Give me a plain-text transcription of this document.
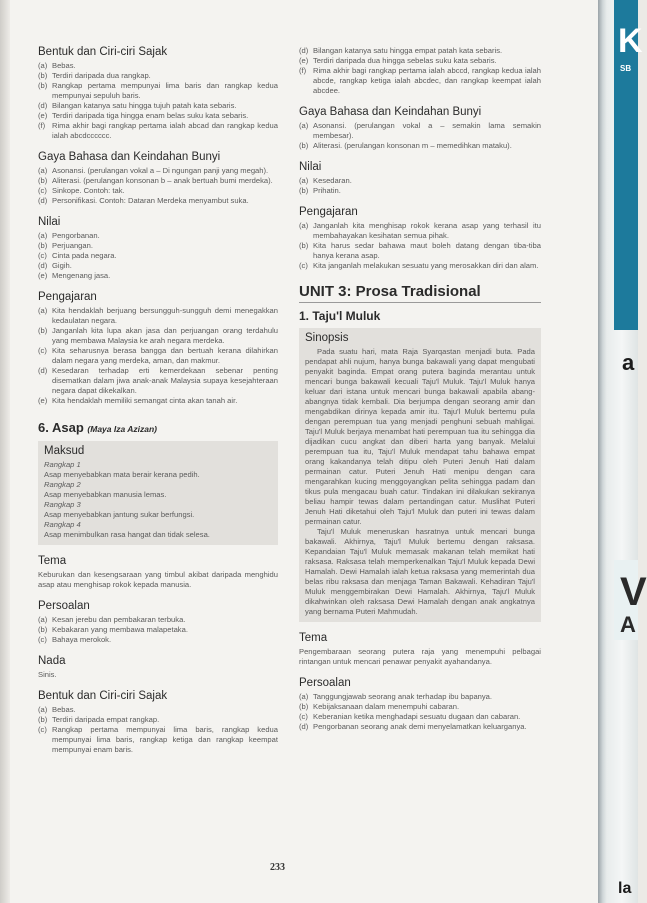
Bentuk dan Ciri-ciri Sajak
(a) Bebas.
(b) Terdiri daripada dua rangkap.
(b) Rangkap pertama mempunyai lima baris dan rangkap kedua mempunyai sepuluh baris.
(d) Bilangan katanya satu hingga tujuh patah kata sebaris.
(e) Terdiri daripada tiga hingga enam belas suku kata sebaris.
(f) Rima akhir bagi rangkap pertama ialah abcad dan rangkap kedua ialah abcdcccccc.
Gaya Bahasa dan Keindahan Bunyi
(a) Asonansi. (perulangan vokal a – Di ngungan panji yang megah).
(b) Aliterasi. (perulangan konsonan b – anak bertuah bumi merdeka).
(c) Sinkope. Contoh: tak.
(d) Personifikasi. Contoh: Dataran Merdeka menyambut suka.
Nilai
(a) Pengorbanan.
(b) Perjuangan.
(c) Cinta pada negara.
(d) Gigih.
(e) Mengenang jasa.
Pengajaran
(a) Kita hendaklah berjuang bersungguh-sungguh demi menegakkan kedaulatan negara.
(b) Janganlah kita lupa akan jasa dan perjuangan orang terdahulu yang membawa Malaysia ke arah negara merdeka.
(c) Kita seharusnya berasa bangga dan bertuah kerana dilahirkan dalam negara yang merdeka, aman, dan makmur.
(d) Kesedaran terhadap erti kemerdekaan sebenar penting disematkan dalam jiwa anak-anak Malaysia supaya kesejahteraan negara dapat dikekalkan.
(e) Kita hendaklah memiliki semangat cinta akan tanah air.
6. Asap (Maya Iza Azizan)
Maksud
Rangkap 1
Asap menyebabkan mata berair kerana pedih.
Rangkap 2
Asap menyebabkan manusia lemas.
Rangkap 3
Asap menyebabkan jantung sukar berfungsi.
Rangkap 4
Asap menimbulkan rasa hangat dan tidak selesa.
Tema
Keburukan dan kesengsaraan yang timbul akibat daripada menghidu asap atau menghisap rokok kepada manusia.
Persoalan
(a) Kesan jerebu dan pembakaran terbuka.
(b) Kebakaran yang membawa malapetaka.
(c) Bahaya merokok.
Nada
Sinis.
Bentuk dan Ciri-ciri Sajak
(a) Bebas.
(b) Terdiri daripada empat rangkap.
(c) Rangkap pertama mempunyai lima baris, rangkap kedua mempunyai lima baris, rangkap ketiga dan rangkap keempat mempunyai enam baris.
(d) Bilangan katanya satu hingga empat patah kata sebaris.
(e) Terdiri daripada dua hingga sebelas suku kata sebaris.
(f) Rima akhir bagi rangkap pertama ialah abccd, rangkap kedua ialah abcde, rangkap ketiga ialah abcdec, dan rangkap keempat ialah abcdee.
Gaya Bahasa dan Keindahan Bunyi
(a) Asonansi. (perulangan vokal a – semakin lama semakin membesar).
(b) Aliterasi. (perulangan konsonan m – memedihkan mataku).
Nilai
(a) Kesedaran.
(b) Prihatin.
Pengajaran
(a) Janganlah kita menghisap rokok kerana asap yang terhasil itu membahayakan kesihatan semua pihak.
(b) Kita harus sedar bahawa maut boleh datang dengan tiba-tiba hanya kerana asap.
(c) Kita janganlah melakukan sesuatu yang merosakkan diri dan alam.
UNIT 3: Prosa Tradisional
1. Taju'l Muluk
Sinopsis
Pada suatu hari, mata Raja Syarqastan menjadi buta. Pada pendapat ahli nujum, hanya bunga bakawali yang dapat mengubati penyakit baginda. Empat orang putera baginda merantau untuk mencari bunga bakawali kecuali Taju'l Muluk. Taju'l Muluk hanya keluar dari istana untuk mencari bunga bakawali apabila abang-abangnya tidak kembali. Dia berjumpa dengan seorang amir dan mengabdikan dirinya kepada amir itu. Taju'l Muluk bertemu pula dengan perempuan tua yang menjadi penghuni sebuah mahligai. Taju'l Muluk berjaya menambat hati perempuan tua itu sehingga dia dijadikan cucu angkat dan diberi harta yang banyak. Melalui perempuan tua itu, Taju'l Muluk mendapat tahu bahawa empat orang kakandanya telah ditipu oleh Puteri Jenuh Hati dalam permainan catur. Puteri Jenuh Hati menipu dengan cara mengarahkan kucing menggoyangkan pelita sehingga padam dan tikus pula mengacau buah catur. Tindakan ini dilakukan sekiranya beliau hampir tewas dalam pertandingan catur. Muslihat Puteri Jenuh Hati diketahui oleh Taju'l Muluk dan puteri ini tewas dalam permainan catur.
Taju'l Muluk meneruskan hasratnya untuk mencari bunga bakawali. Akhirnya, Taju'l Muluk bertemu dengan raksasa. Kepandaian Taju'l Muluk memasak makanan telah memikat hati raksasa. Raksasa telah memperkenalkan Taju'l Muluk kepada Dewi Hamalah. Dewi Hamalah ialah ketua raksasa yang memerintah dua belas ribu raksasa dan menjaga Taman Bakawali. Kehadiran Taju'l Muluk menggembirakan Dewi Hamalah. Akhirnya, Taju'l Muluk dikahwinkan oleh raksasa Dewi Hamalah dengan anak angkatnya yang bernama Puteri Mahmudah.
Tema
Pengembaraan seorang putera raja yang menempuhi pelbagai rintangan untuk mencari penawar penyakit ayahandanya.
Persoalan
(a) Tanggungjawab seorang anak terhadap ibu bapanya.
(b) Kebijaksanaan dalam menempuhi cabaran.
(c) Keberanian ketika menghadapi sesuatu dugaan dan cabaran.
(d) Pengorbanan seorang anak demi menyelamatkan keluarganya.
233
K
SB
a
V
A
la
